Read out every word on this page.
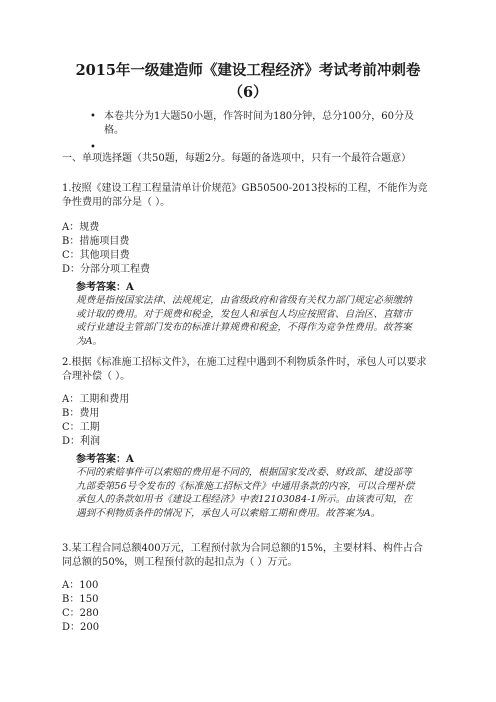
2015年一级建造师《建设工程经济》考试考前冲刺卷（6）
• 本卷共分为1大题50小题，作答时间为180分钟，总分100分，60分及格。
•
一、单项选择题（共50题，每题2分。每题的备选项中，只有一个最符合题意）
1.按照《建设工程工程量清单计价规范》GB50500-2013投标的工程，不能作为竞争性费用的部分是（ ）。
A：规费
B：措施项目费
C：其他项目费
D：分部分项工程费
参考答案：A
规费是指按国家法律、法规规定，由省级政府和省级有关权力部门规定必须缴纳或计取的费用。对于规费和税金，发包人和承包人均应按照省、自治区、直辖市或行业建设主管部门发布的标准计算规费和税金，不得作为竞争性费用。故答案为A。
2.根据《标准施工招标文件》，在施工过程中遇到不利物质条件时，承包人可以要求合理补偿（ ）。
A：工期和费用
B：费用
C：工期
D：利润
参考答案：A
不同的索赔事件可以索赔的费用是不同的，根据国家发改委、财政部、建设部等九部委第56号令发布的《标准施工招标文件》中通用条款的内容，可以合理补偿承包人的条款如用书《建设工程经济》中表12103084-1所示。由该表可知，在遇到不利物质条件的情况下，承包人可以索赔工期和费用。故答案为A。
3.某工程合同总额400万元，工程预付款为合同总额的15%，主要材料、构件占合同总额的50%，则工程预付款的起扣点为（ ）万元。
A：100
B：150
C：280
D：200
